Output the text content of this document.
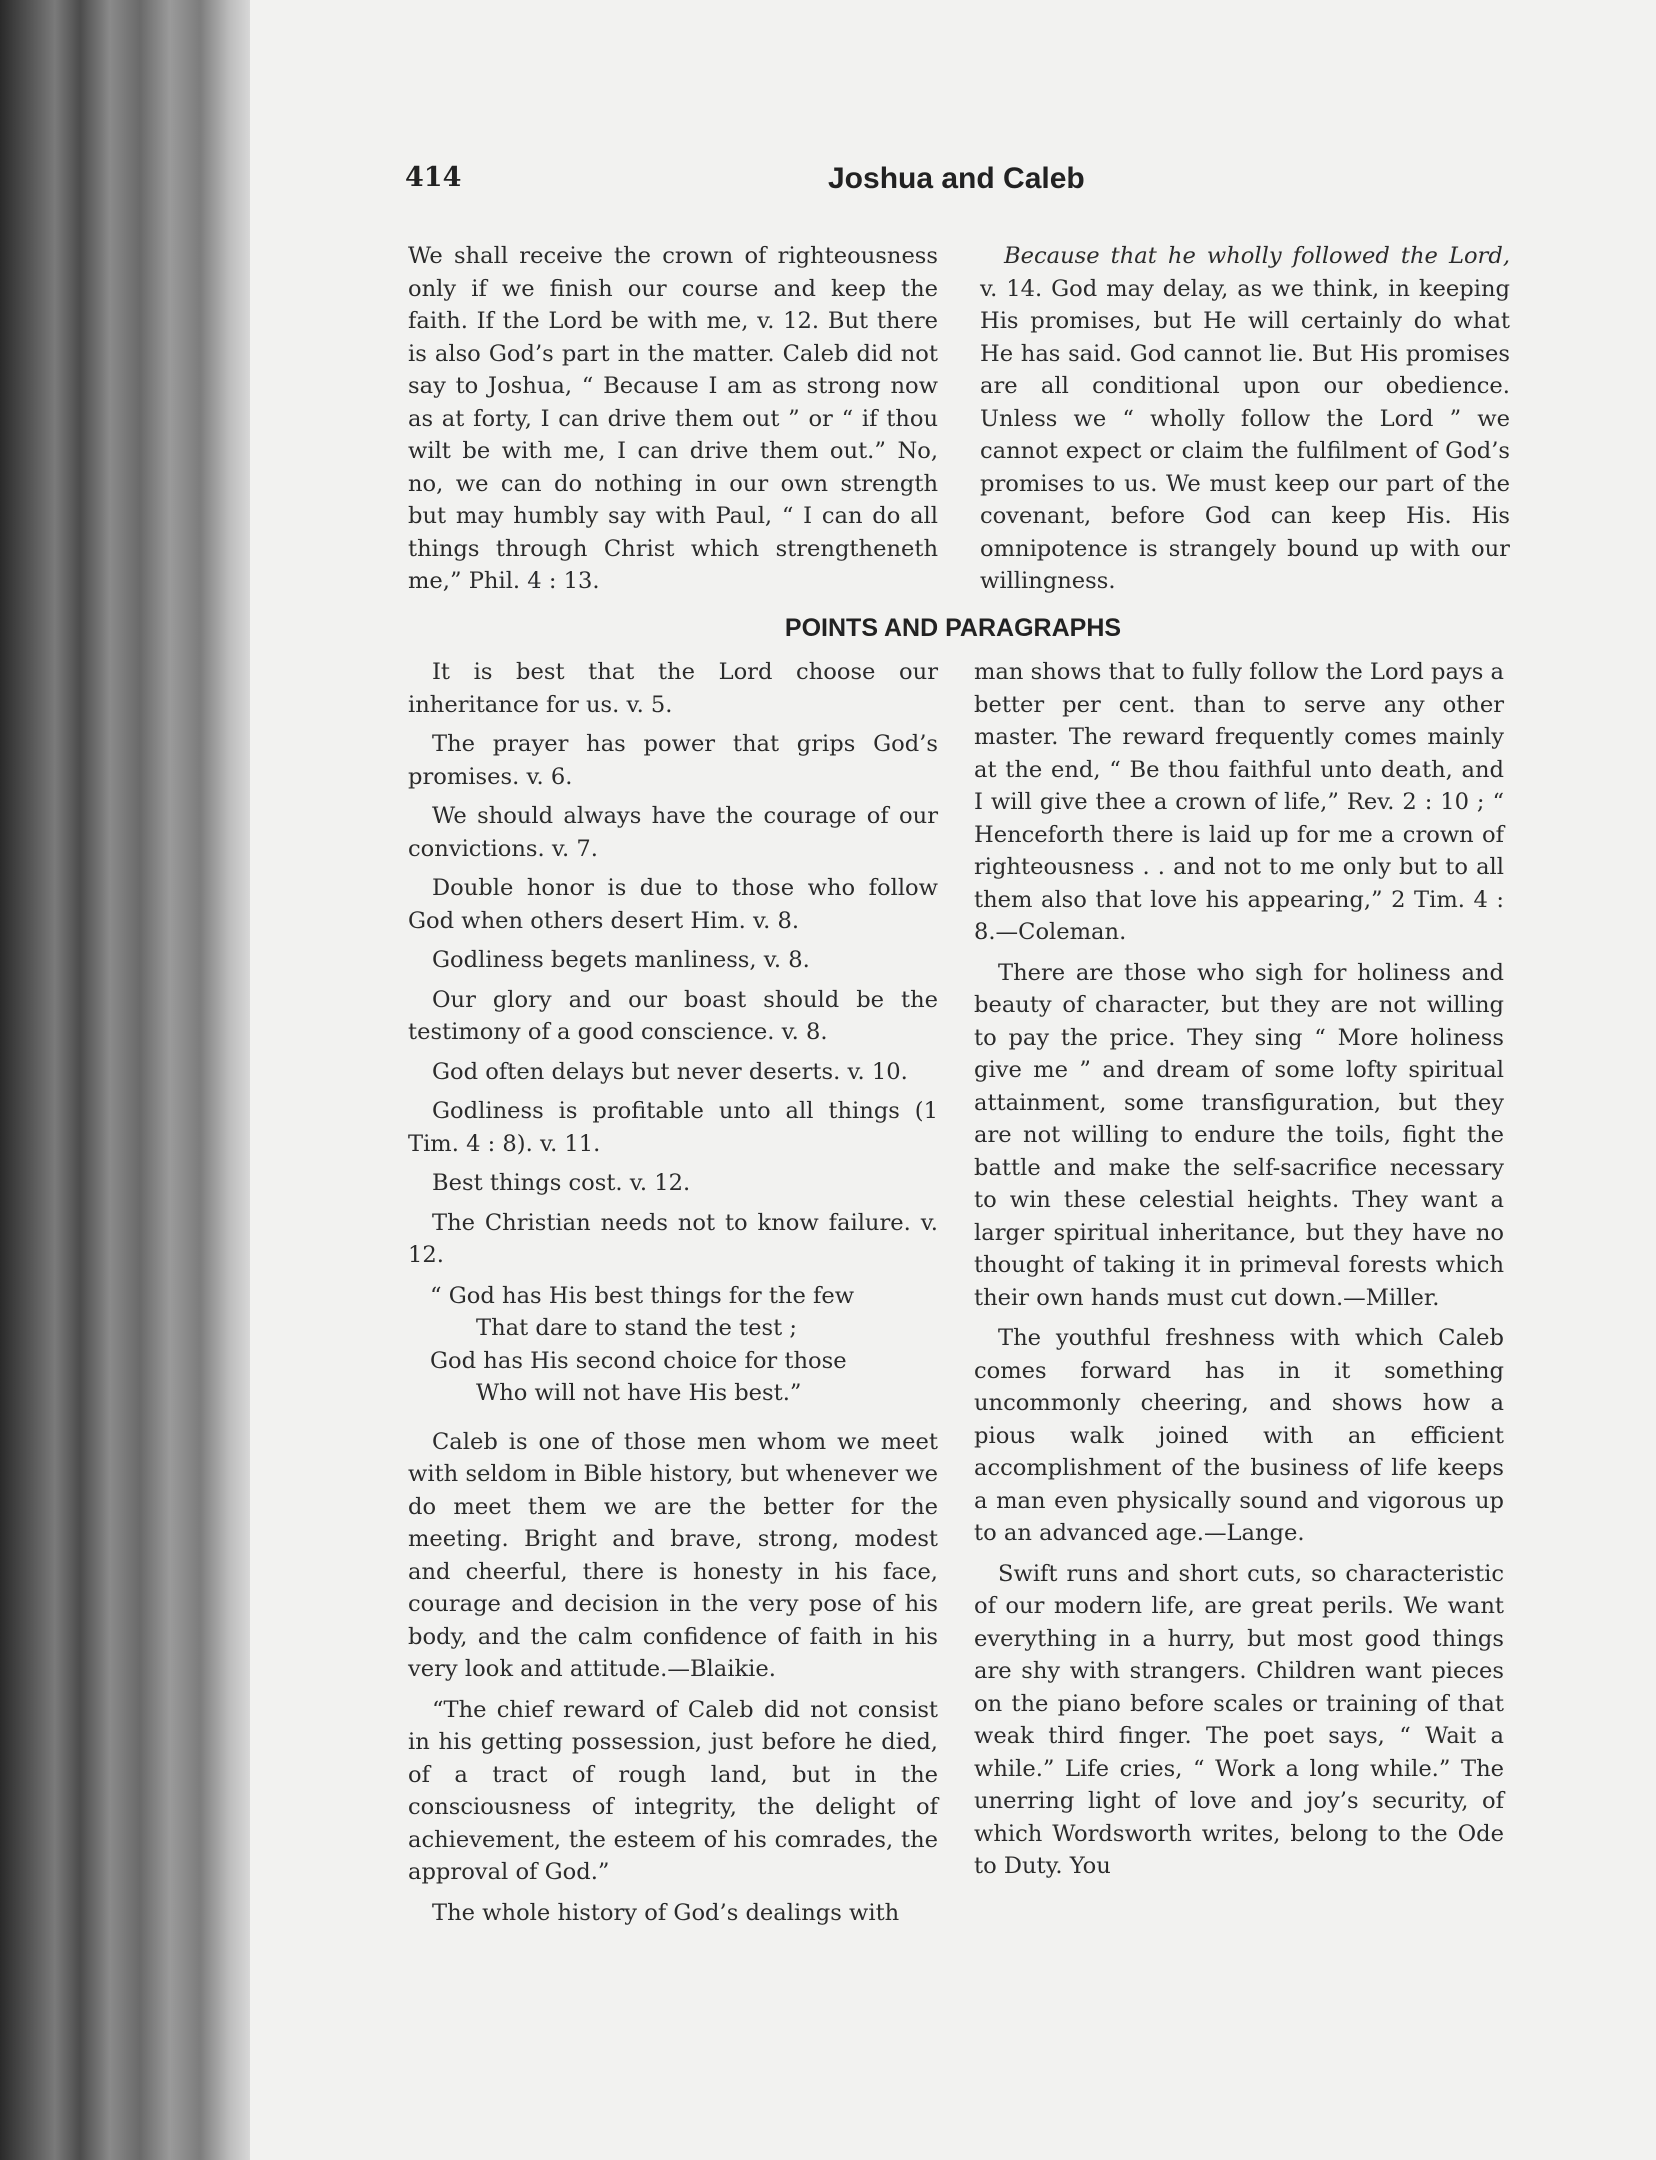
414	Joshua and Caleb

We shall receive the crown of righteousness only if we finish our course and keep the faith. If the Lord be with me, v. 12. But there is also God’s part in the matter. Caleb did not say to Joshua, “ Because I am as strong now as at forty, I can drive them out ” or “ if thou wilt be with me, I can drive them out.” No, no, we can do nothing in our own strength but may humbly say with Paul, “ I can do all things through Christ which strengtheneth me,” Phil. 4 : 13.

Because that he wholly followed the Lord, v. 14. God may delay, as we think, in keeping His promises, but He will certainly do what He has said. God cannot lie. But His promises are all conditional upon our obedience. Unless we “ wholly follow the Lord ” we cannot expect or claim the fulfilment of God’s promises to us. We must keep our part of the covenant, before God can keep His. His omnipotence is strangely bound up with our willingness.

POINTS AND PARAGRAPHS

It is best that the Lord choose our inheritance for us. v. 5.

The prayer has power that grips God’s promises. v. 6.

We should always have the courage of our convictions. v. 7.

Double honor is due to those who follow God when others desert Him. v. 8.

Godliness begets manliness, v. 8.

Our glory and our boast should be the testimony of a good conscience. v. 8.

God often delays but never deserts. v. 10.

Godliness is profitable unto all things (1 Tim. 4 : 8). v. 11.

Best things cost. v. 12.

The Christian needs not to know failure. v. 12.

“ God has His best things for the few
That dare to stand the test ;
God has His second choice for those
Who will not have His best.”

Caleb is one of those men whom we meet with seldom in Bible history, but whenever we do meet them we are the better for the meeting. Bright and brave, strong, modest and cheerful, there is honesty in his face, courage and decision in the very pose of his body, and the calm confidence of faith in his very look and attitude.—Blaikie.

“The chief reward of Caleb did not consist in his getting possession, just before he died, of a tract of rough land, but in the consciousness of integrity, the delight of achievement, the esteem of his comrades, the approval of God.”

The whole history of God’s dealings with

man shows that to fully follow the Lord pays a better per cent. than to serve any other master. The reward frequently comes mainly at the end, “ Be thou faithful unto death, and I will give thee a crown of life,” Rev. 2 : 10 ; “ Henceforth there is laid up for me a crown of righteousness . . and not to me only but to all them also that love his appearing,” 2 Tim. 4 : 8.—Coleman.

There are those who sigh for holiness and beauty of character, but they are not willing to pay the price. They sing “ More holiness give me ” and dream of some lofty spiritual attainment, some transfiguration, but they are not willing to endure the toils, fight the battle and make the self-sacrifice necessary to win these celestial heights. They want a larger spiritual inheritance, but they have no thought of taking it in primeval forests which their own hands must cut down.—Miller.

The youthful freshness with which Caleb comes forward has in it something uncommonly cheering, and shows how a pious walk joined with an efficient accomplishment of the business of life keeps a man even physically sound and vigorous up to an advanced age.—Lange.

Swift runs and short cuts, so characteristic of our modern life, are great perils. We want everything in a hurry, but most good things are shy with strangers. Children want pieces on the piano before scales or training of that weak third finger. The poet says, “ Wait a while.” Life cries, “ Work a long while.” The unerring light of love and joy’s security, of which Wordsworth writes, belong to the Ode to Duty. You
